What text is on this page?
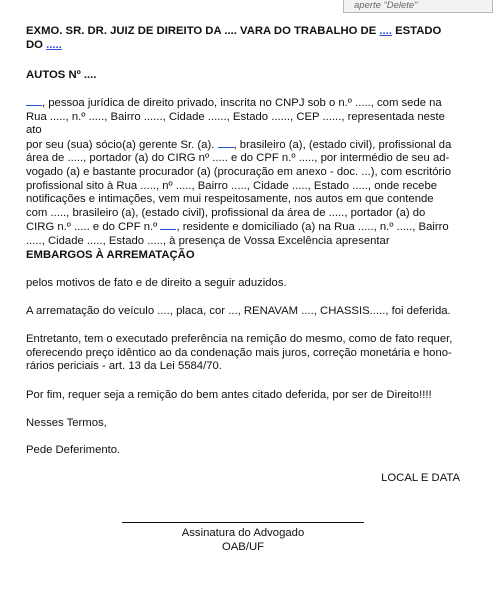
aperte “Delete”
EXMO. SR. DR. JUIZ DE DIREITO DA .... VARA DO TRABALHO DE .... ESTADO
DO .....
AUTOS Nº ....
, pessoa jurídica de direito privado, inscrita no CNPJ sob o n.º ....., com sede na
Rua ....., n.º ....., Bairro ......, Cidade ......, Estado ......, CEP ......, representada neste ato
por seu (sua) sócio(a) gerente Sr. (a). , brasileiro (a), (estado civil), profissional da
área de ....., portador (a) do CIRG nº ..... e do CPF n.º ....., por intermédio de seu ad-
vogado (a) e bastante procurador (a) (procuração em anexo - doc. ...), com escritório
profissional sito à Rua ....., nº ....., Bairro ....., Cidade ....., Estado ....., onde recebe
notificações e intimações, vem mui respeitosamente, nos autos em que contende
com ....., brasileiro (a), (estado civil), profissional da área de ....., portador (a) do
CIRG n.º ..... e do CPF n.º , residente e domiciliado (a) na Rua ....., n.º ....., Bairro
....., Cidade ....., Estado ....., à presença de Vossa Excelência apresentar
EMBARGOS À ARREMATAÇÃO
pelos motivos de fato e de direito a seguir aduzidos.
A arrematação do veículo ...., placa, cor ..., RENAVAM ...., CHASSIS....., foi deferida.
Entretanto, tem o executado preferência na remição do mesmo, como de fato requer,
oferecendo preço idêntico ao da condenação mais juros, correção monetária e hono-
rários periciais - art. 13 da Lei 5584/70.
Por fim, requer seja a remição do bem antes citado deferida, por ser de Direito!!!!
Nesses Termos,
Pede Deferimento.
LOCAL E DATA
Assinatura do Advogado
OAB/UF
